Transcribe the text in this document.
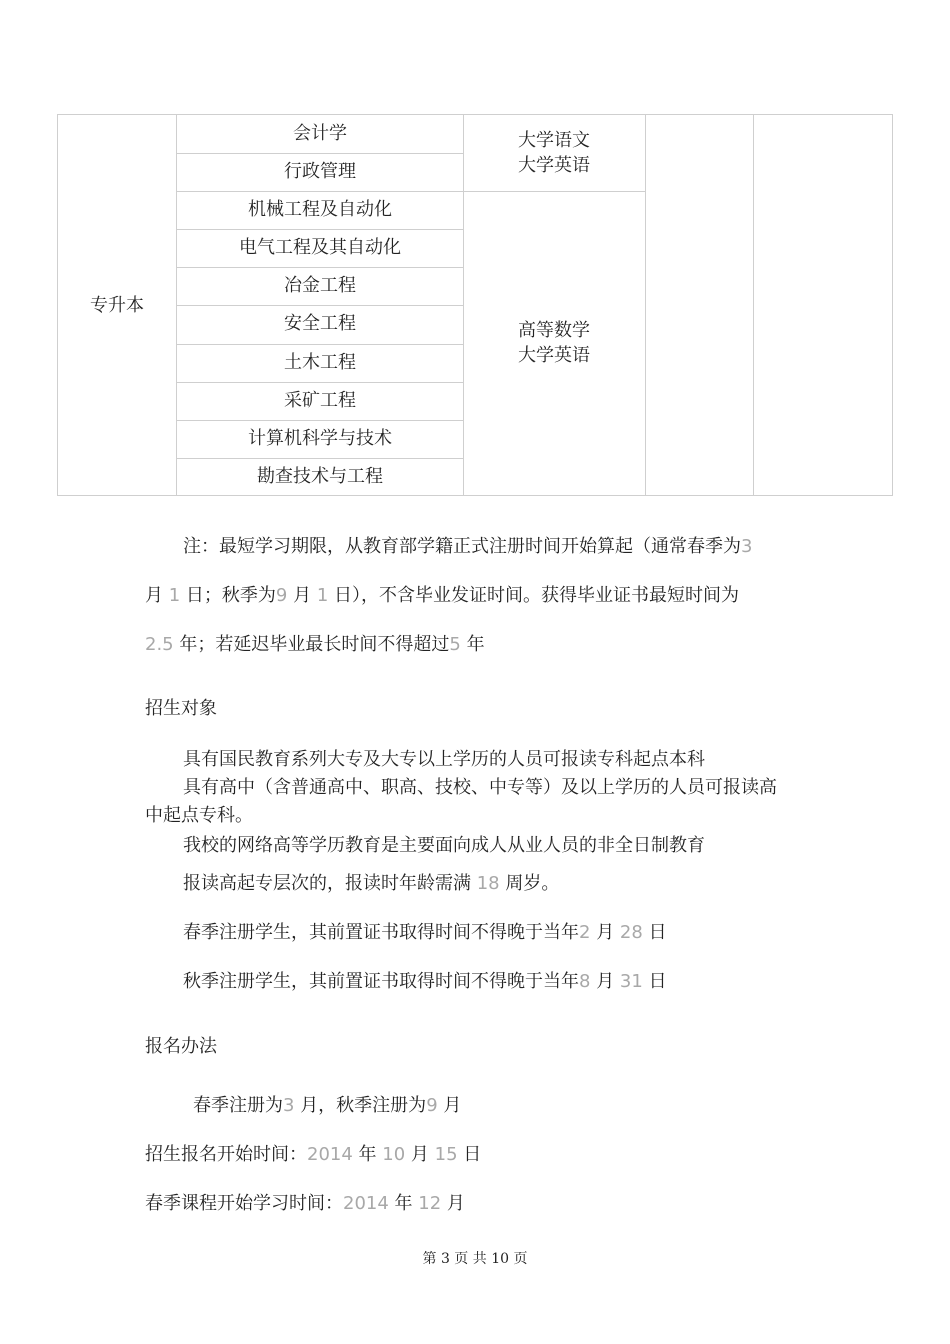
专升本
会计学
行政管理
机械工程及自动化
电气工程及其自动化
冶金工程
安全工程
土木工程
采矿工程
计算机科学与技术
勘查技术与工程
大学语文
大学英语
高等数学
大学英语
注：最短学习期限，从教育部学籍正式注册时间开始算起（通常春季为3
月 1 日；秋季为9 月 1 日），不含毕业发证时间。获得毕业证书最短时间为
2.5 年；若延迟毕业最长时间不得超过5 年
招生对象
具有国民教育系列大专及大专以上学历的人员可报读专科起点本科
具有高中（含普通高中、职高、技校、中专等）及以上学历的人员可报读高
中起点专科。
我校的网络高等学历教育是主要面向成人从业人员的非全日制教育
报读高起专层次的，报读时年龄需满 18 周岁。
春季注册学生，其前置证书取得时间不得晚于当年2 月 28 日
秋季注册学生，其前置证书取得时间不得晚于当年8 月 31 日
报名办法
春季注册为3 月，秋季注册为9 月
招生报名开始时间：2014 年 10 月 15 日
春季课程开始学习时间：2014 年 12 月
第 3 页 共 10 页
